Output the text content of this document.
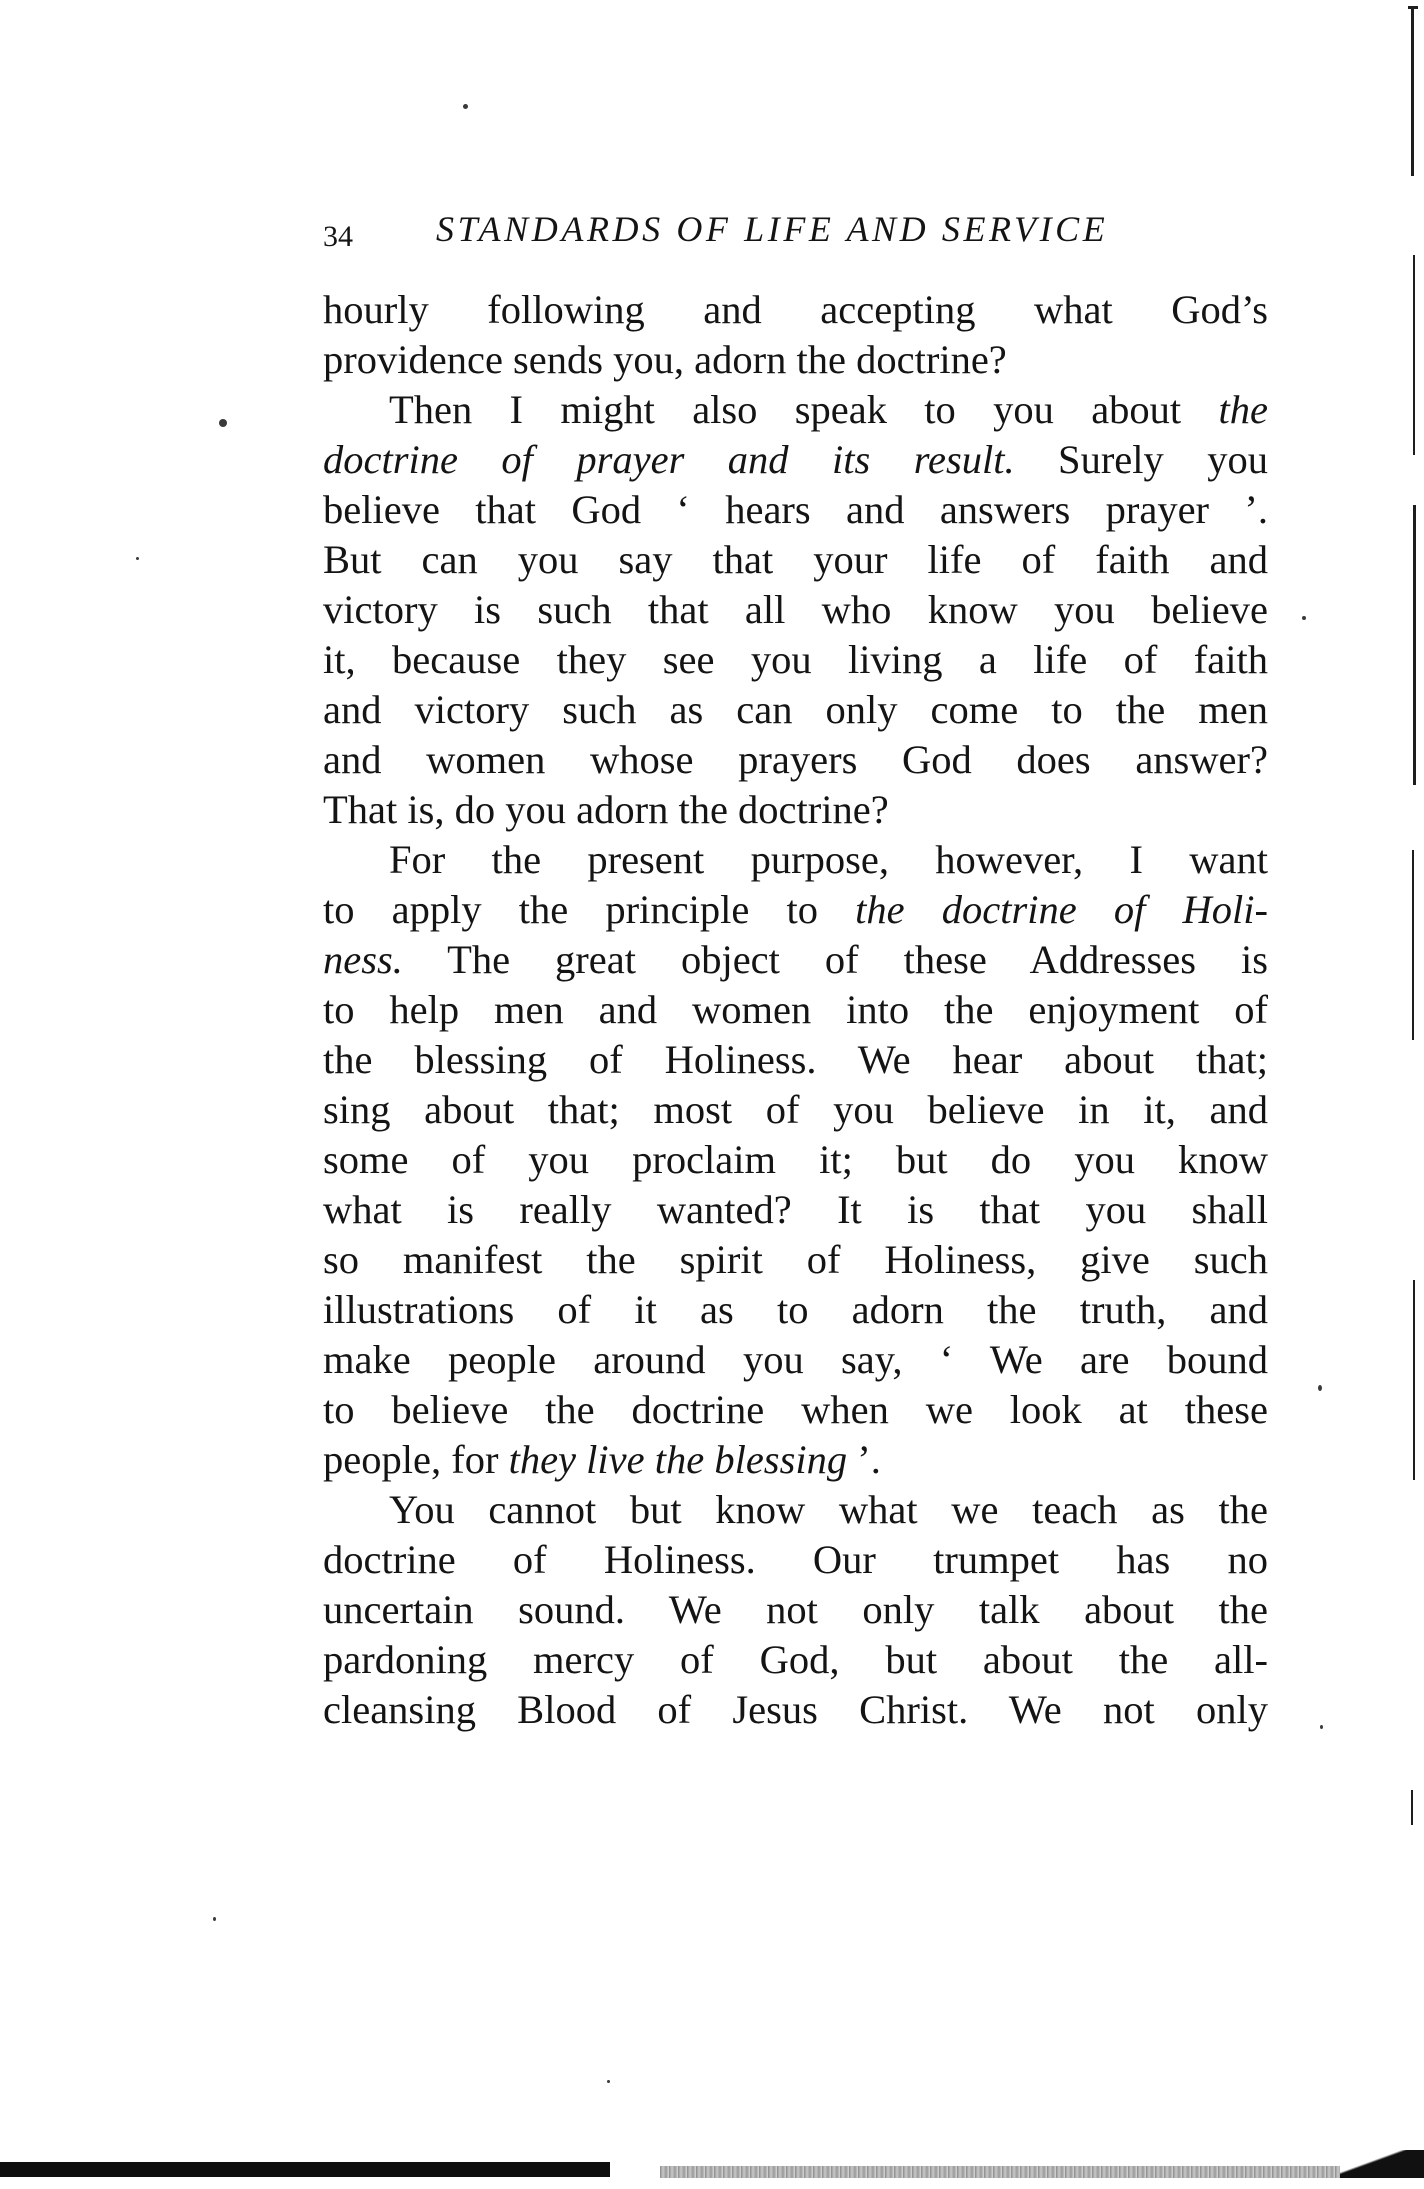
34 STANDARDS OF LIFE AND SERVICE
hourly following and accepting what God’s
providence sends you, adorn the doctrine?
Then I might also speak to you about the
doctrine of prayer and its result. Surely you
believe that God ‘ hears and answers prayer ’.
But can you say that your life of faith and
victory is such that all who know you believe
it, because they see you living a life of faith
and victory such as can only come to the men
and women whose prayers God does answer?
That is, do you adorn the doctrine?
For the present purpose, however, I want
to apply the principle to the doctrine of Holi-
ness. The great object of these Addresses is
to help men and women into the enjoyment of
the blessing of Holiness. We hear about that;
sing about that; most of you believe in it, and
some of you proclaim it; but do you know
what is really wanted? It is that you shall
so manifest the spirit of Holiness, give such
illustrations of it as to adorn the truth, and
make people around you say, ‘ We are bound
to believe the doctrine when we look at these
people, for they live the blessing ’.
You cannot but know what we teach as the
doctrine of Holiness. Our trumpet has no
uncertain sound. We not only talk about the
pardoning mercy of God, but about the all-
cleansing Blood of Jesus Christ. We not only
